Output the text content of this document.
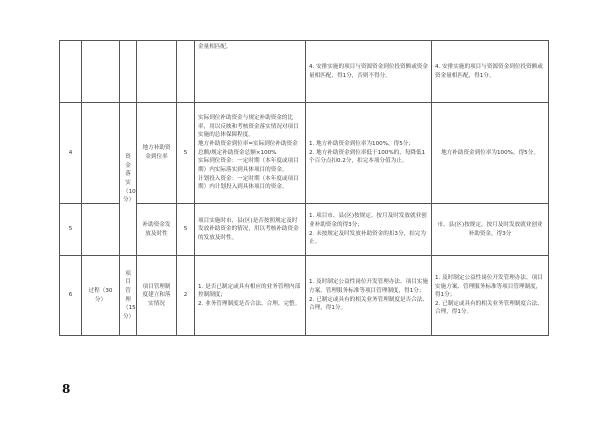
					金量相匹配。	4. 安排实施的项目与资源资金到位投资额或资金量相匹配，得1分，否则不得分。	4. 安排实施的项目与资源资金到位投资额或资金量相匹配，得1分。
4		资金落实（10分）	地方补助资金到位率	5	实际到位补助资金与规定补助资金的比率，用以反映和考核资金落实情况对项目实施的总体保障程度。
地方补助资金到位率=实际到位补助资金总额/规定补助资金总额×100%
实际到位资金：一定时期（本年度或项目期）内实际落实到具体项目的资金。
计划投入资金：一定时期（本年度或项目期）内计划投入到具体项目的资金。	1. 地方补助资金到位率为100%，得5分；
2. 地方补助资金到位率低于100%的，每降低1个百分点扣0.2分，扣完本项分值为止。	地方补助资金到位率为100%，得5分。
5			补助资金发放及时性	5	项目实施时市、县(区)是否按照规定及时发放补助资金的情况，用以考核补助资金的发放及时性。	1. 项目市、县(区)按规定、按月及时发放就业创业补助资金的得3分；
2. 未按规定及时发放补助资金的扣3分，扣完为止。	市、县(区)按规定，按月及时发放就业创业补助资金，得3分
6	过程（30分）	项目管理（15分）	项目管理制度建立和落实情况	2	1. 是否已制定或具有相应的业务管理内部控制制度；
2. 业务管理制度是否合法、合理、完整。	1. 及时制定公益性岗位开发管理办法、项目实施方案、管理服务标准等项目管理制度，得1分；
2. 已制定或具有的相关业务管理制度是否合法、合理，得1分。	1. 及时制定公益性岗位开发管理办法、项目实施方案、管理服务标准等项目管理制度，得1分；
2. 已制定或具有的相关业务管理制度合法、合理，得1分。
8
